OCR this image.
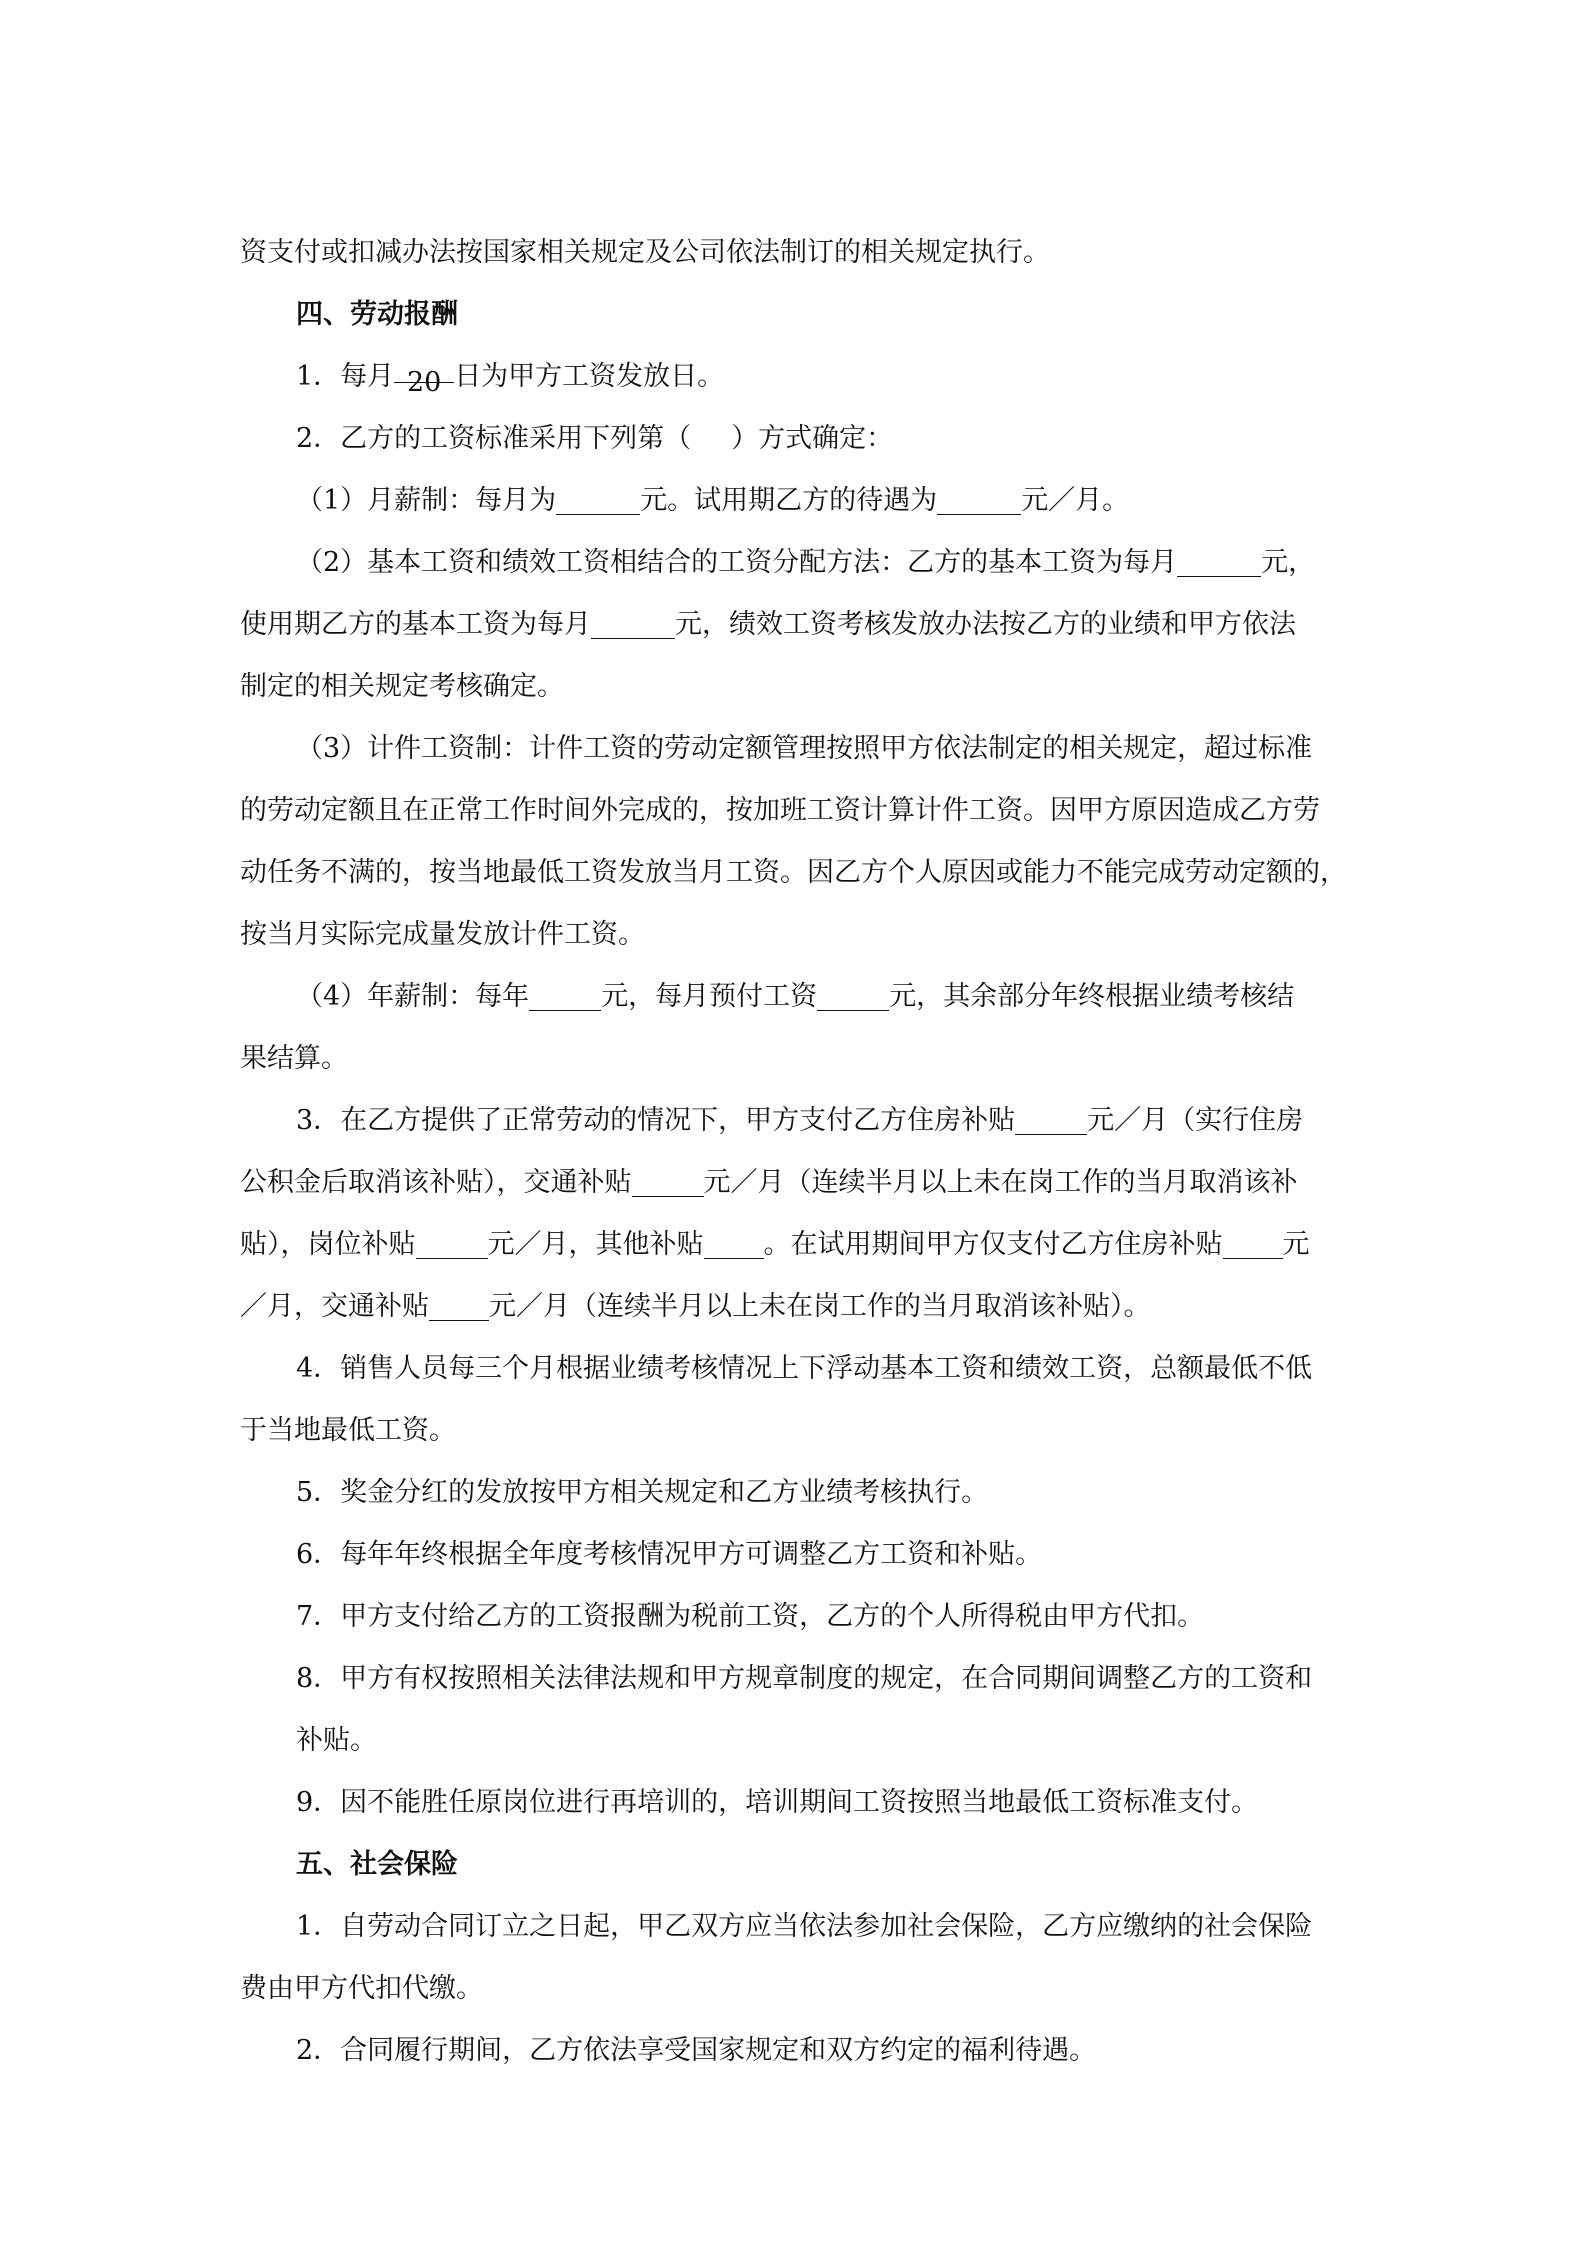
资支付或扣减办法按国家相关规定及公司依法制订的相关规定执行。

四、劳动报酬

1．每月 20 日为甲方工资发放日。

2．乙方的工资标准采用下列第（ ）方式确定：

（1）月薪制：每月为	元。试用期乙方的待遇为	元／月。

（2）基本工资和绩效工资相结合的工资分配方法：乙方的基本工资为每月	元，

使用期乙方的基本工资为每月	元，绩效工资考核发放办法按乙方的业绩和甲方依法

制定的相关规定考核确定。

（3）计件工资制：计件工资的劳动定额管理按照甲方依法制定的相关规定，超过标准

的劳动定额且在正常工作时间外完成的，按加班工资计算计件工资。因甲方原因造成乙方劳

动任务不满的，按当地最低工资发放当月工资。因乙方个人原因或能力不能完成劳动定额的，

按当月实际完成量发放计件工资。

（4）年薪制：每年	元，每月预付工资	元，其余部分年终根据业绩考核结

果结算。

3．在乙方提供了正常劳动的情况下，甲方支付乙方住房补贴	元／月（实行住房

公积金后取消该补贴），交通补贴	元／月（连续半月以上未在岗工作的当月取消该补

贴），岗位补贴	元／月，其他补贴 。在试用期间甲方仅支付乙方住房补贴 元

／月，交通补贴 元／月（连续半月以上未在岗工作的当月取消该补贴）。

4．销售人员每三个月根据业绩考核情况上下浮动基本工资和绩效工资，总额最低不低

于当地最低工资。

5．奖金分红的发放按甲方相关规定和乙方业绩考核执行。

6．每年年终根据全年度考核情况甲方可调整乙方工资和补贴。

7．甲方支付给乙方的工资报酬为税前工资，乙方的个人所得税由甲方代扣。

8．甲方有权按照相关法律法规和甲方规章制度的规定，在合同期间调整乙方的工资和

补贴。

9．因不能胜任原岗位进行再培训的，培训期间工资按照当地最低工资标准支付。

五、社会保险

1．自劳动合同订立之日起，甲乙双方应当依法参加社会保险，乙方应缴纳的社会保险

费由甲方代扣代缴。

2．合同履行期间，乙方依法享受国家规定和双方约定的福利待遇。
